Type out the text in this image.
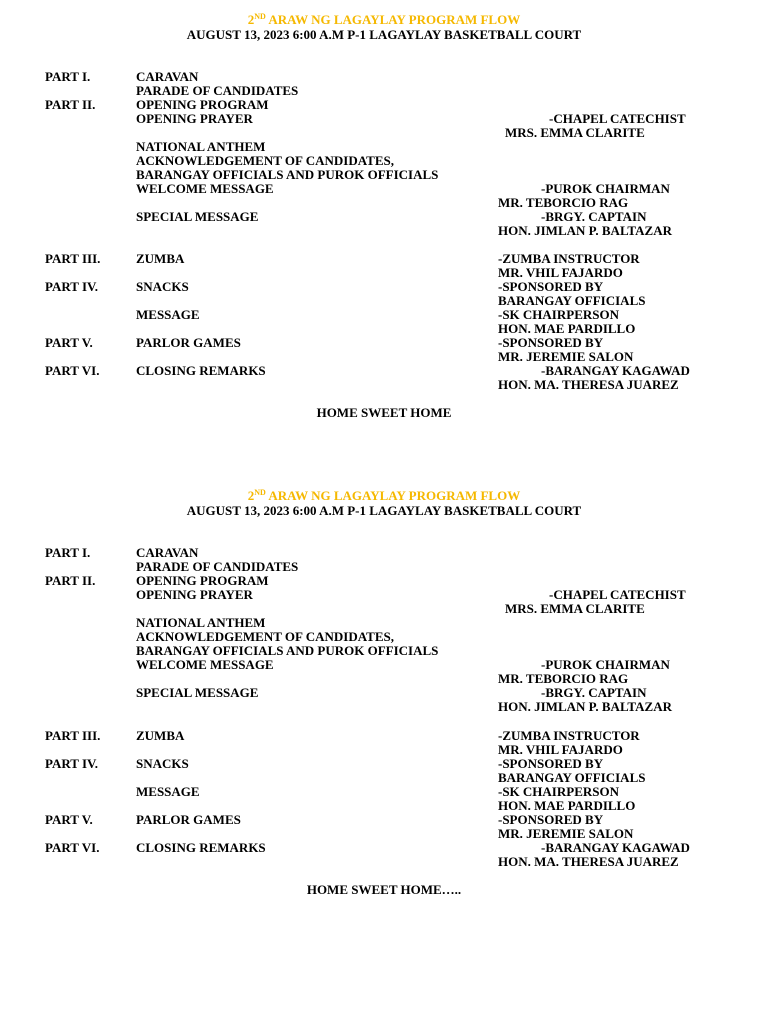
2ND ARAW NG LAGAYLAY PROGRAM FLOW
AUGUST 13, 2023 6:00 A.M P-1 LAGAYLAY BASKETBALL COURT
PART I.	CARAVAN
PARADE OF CANDIDATES
PART II.	OPENING PROGRAM
OPENING PRAYER	-CHAPEL CATECHIST
MRS. EMMA CLARITE
NATIONAL ANTHEM
ACKNOWLEDGEMENT OF CANDIDATES,
BARANGAY OFFICIALS AND PUROK OFFICIALS
WELCOME MESSAGE	-PUROK CHAIRMAN
MR. TEBORCIO RAG
SPECIAL MESSAGE	-BRGY. CAPTAIN
HON. JIMLAN P. BALTAZAR
PART III.	ZUMBA	-ZUMBA INSTRUCTOR
MR. VHIL FAJARDO
PART IV.	SNACKS	-SPONSORED BY
BARANGAY OFFICIALS
MESSAGE	-SK CHAIRPERSON
HON. MAE PARDILLO
PART V.	PARLOR GAMES	-SPONSORED BY
MR. JEREMIE SALON
PART VI.	CLOSING REMARKS	-BARANGAY KAGAWAD
HON. MA. THERESA JUAREZ
HOME SWEET HOME
2ND ARAW NG LAGAYLAY PROGRAM FLOW
AUGUST 13, 2023 6:00 A.M P-1 LAGAYLAY BASKETBALL COURT
PART I.	CARAVAN
PARADE OF CANDIDATES
PART II.	OPENING PROGRAM
OPENING PRAYER	-CHAPEL CATECHIST
MRS. EMMA CLARITE
NATIONAL ANTHEM
ACKNOWLEDGEMENT OF CANDIDATES,
BARANGAY OFFICIALS AND PUROK OFFICIALS
WELCOME MESSAGE	-PUROK CHAIRMAN
MR. TEBORCIO RAG
SPECIAL MESSAGE	-BRGY. CAPTAIN
HON. JIMLAN P. BALTAZAR
PART III.	ZUMBA	-ZUMBA INSTRUCTOR
MR. VHIL FAJARDO
PART IV.	SNACKS	-SPONSORED BY
BARANGAY OFFICIALS
MESSAGE	-SK CHAIRPERSON
HON. MAE PARDILLO
PART V.	PARLOR GAMES	-SPONSORED BY
MR. JEREMIE SALON
PART VI.	CLOSING REMARKS	-BARANGAY KAGAWAD
HON. MA. THERESA JUAREZ
HOME SWEET HOME…..
